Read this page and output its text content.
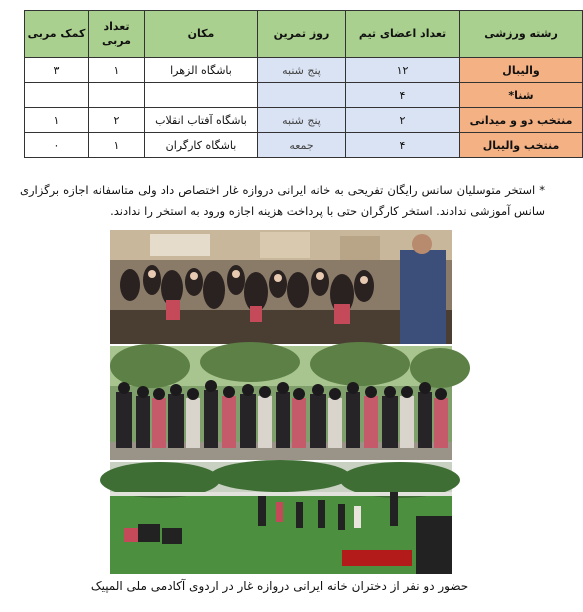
رشته ورزشی	تعداد اعضای تیم	روز تمرین	مکان	تعداد مربی	کمک مربی
والیبال	۱۲	پنج شنبه	باشگاه الزهرا	۱	۳
شنا*	۴				
منتخب دو و میدانی	۲	پنج شنبه	باشگاه آفتاب انقلاب	۲	۱
منتخب والیبال	۴	جمعه	باشگاه کارگران	۱	۰

* استخر متوسلیان سانس رایگان تفریحی به خانه ایرانی دروازه غار اختصاص داد ولی متاسفانه اجازه برگزاری سانس آموزشی ندادند. استخر کارگران حتی با پرداخت هزینه اجازه ورود به استخر را ندادند.

حضور دو نفر از دختران خانه ایرانی دروازه غار در اردوی آکادمی ملی المپیک
